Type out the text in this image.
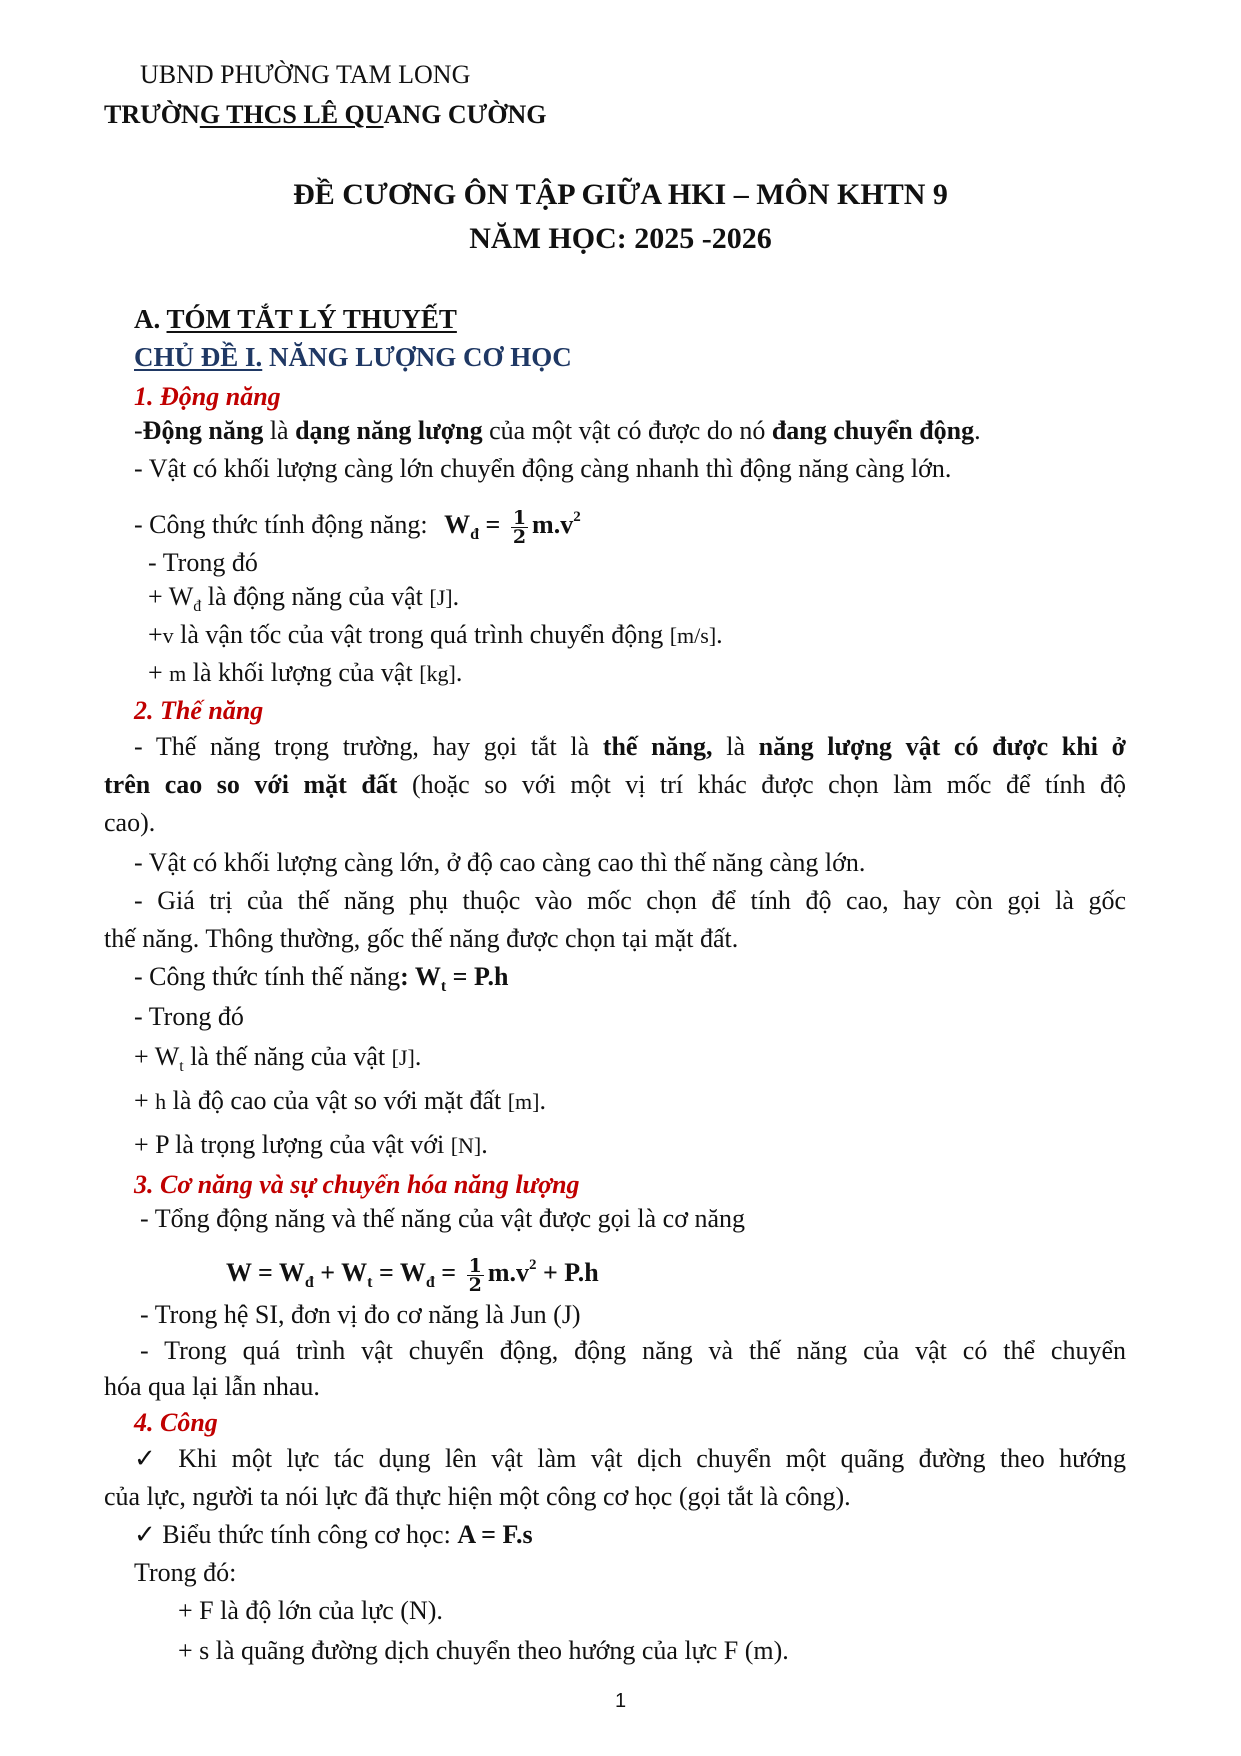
UBND PHƯỜNG TAM LONG
TRƯỜNG THCS LÊ QUANG CƯỜNG
ĐỀ CƯƠNG ÔN TẬP GIỮA HKI – MÔN KHTN 9
NĂM HỌC: 2025 -2026
A. TÓM TẮT LÝ THUYẾT
CHỦ ĐỀ I. NĂNG LƯỢNG CƠ HỌC
1. Động năng
-Động năng là dạng năng lượng của một vật có được do nó đang chuyển động.
- Vật có khối lượng càng lớn chuyển động càng nhanh thì động năng càng lớn.
- Công thức tính động năng: $W_đ = \frac{1}{2} m.v^2$
- Trong đó
+ $W_đ$ là động năng của vật [J].
+v là vận tốc của vật trong quá trình chuyển động [m/s].
+ m là khối lượng của vật [kg].
2. Thế năng
- Thế năng trọng trường, hay gọi tắt là thế năng, là năng lượng vật có được khi ở
trên cao so với mặt đất (hoặc so với một vị trí khác được chọn làm mốc để tính độ
cao).
- Vật có khối lượng càng lớn, ở độ cao càng cao thì thế năng càng lớn.
- Giá trị của thế năng phụ thuộc vào mốc chọn để tính độ cao, hay còn gọi là gốc
thế năng. Thông thường, gốc thế năng được chọn tại mặt đất.
- Công thức tính thế năng: $W_t = P.h$
- Trong đó
+ $W_t$ là thế năng của vật [J].
+ h là độ cao của vật so với mặt đất [m].
+ P là trọng lượng của vật với [N].
3. Cơ năng và sự chuyển hóa năng lượng
- Tổng động năng và thế năng của vật được gọi là cơ năng
$W = W_đ + W_t = W_đ = \frac{1}{2} m.v^2 + P.h$
- Trong hệ SI, đơn vị đo cơ năng là Jun (J)
- Trong quá trình vật chuyển động, động năng và thế năng của vật có thể chuyển
hóa qua lại lẫn nhau.
4. Công
✓ Khi một lực tác dụng lên vật làm vật dịch chuyển một quãng đường theo hướng
của lực, người ta nói lực đã thực hiện một công cơ học (gọi tắt là công).
✓ Biểu thức tính công cơ học: A = F.s
Trong đó:
+ F là độ lớn của lực (N).
+ s là quãng đường dịch chuyển theo hướng của lực F (m).
1
